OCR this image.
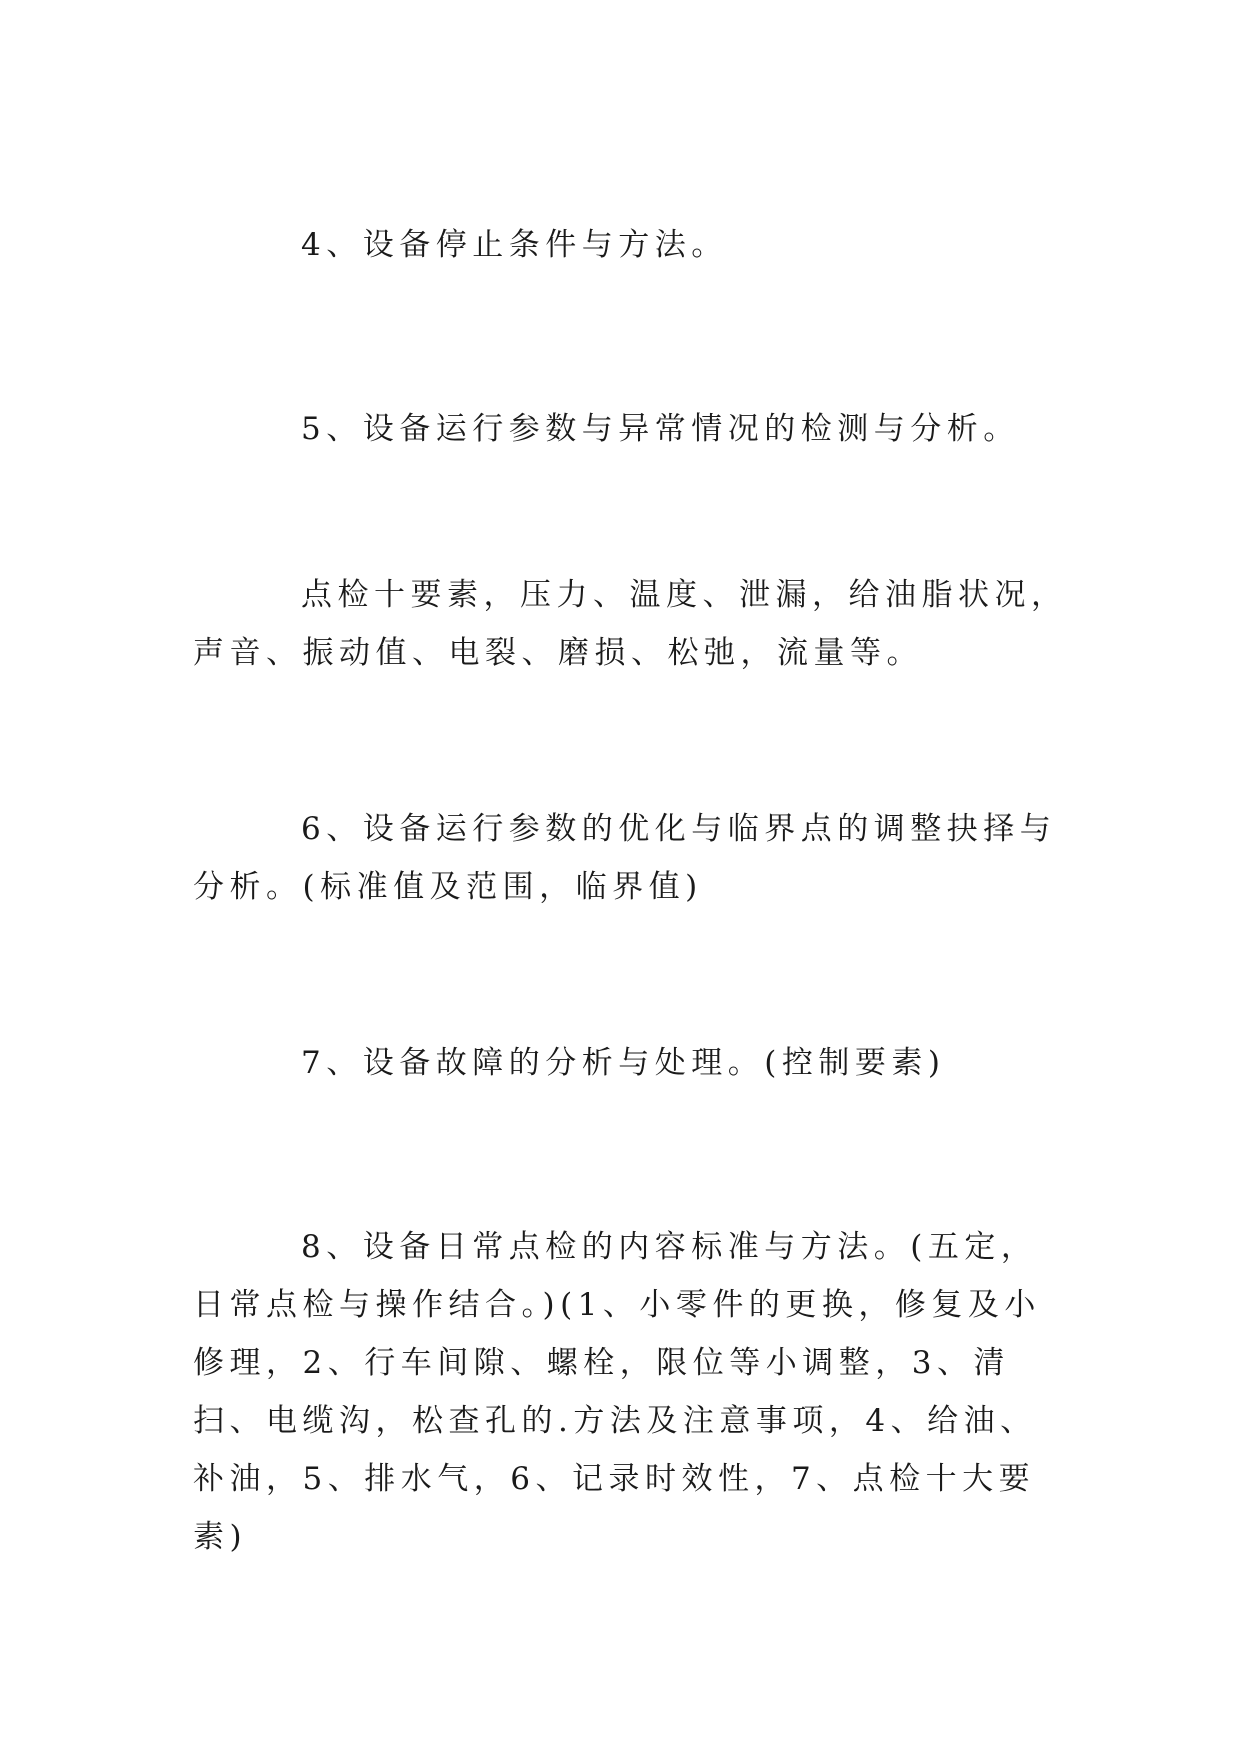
4、设备停止条件与方法。

5、设备运行参数与异常情况的检测与分析。

点检十要素，压力、温度、泄漏，给油脂状况，声音、振动值、电裂、磨损、松弛，流量等。

6、设备运行参数的优化与临界点的调整抉择与分析。(标准值及范围，临界值)

7、设备故障的分析与处理。(控制要素)

8、设备日常点检的内容标准与方法。(五定，日常点检与操作结合。)(1、小零件的更换，修复及小修理，2、行车间隙、螺栓，限位等小调整，3、清扫、电缆沟，松查孔的.方法及注意事项，4、给油、补油，5、排水气，6、记录时效性，7、点检十大要素)
